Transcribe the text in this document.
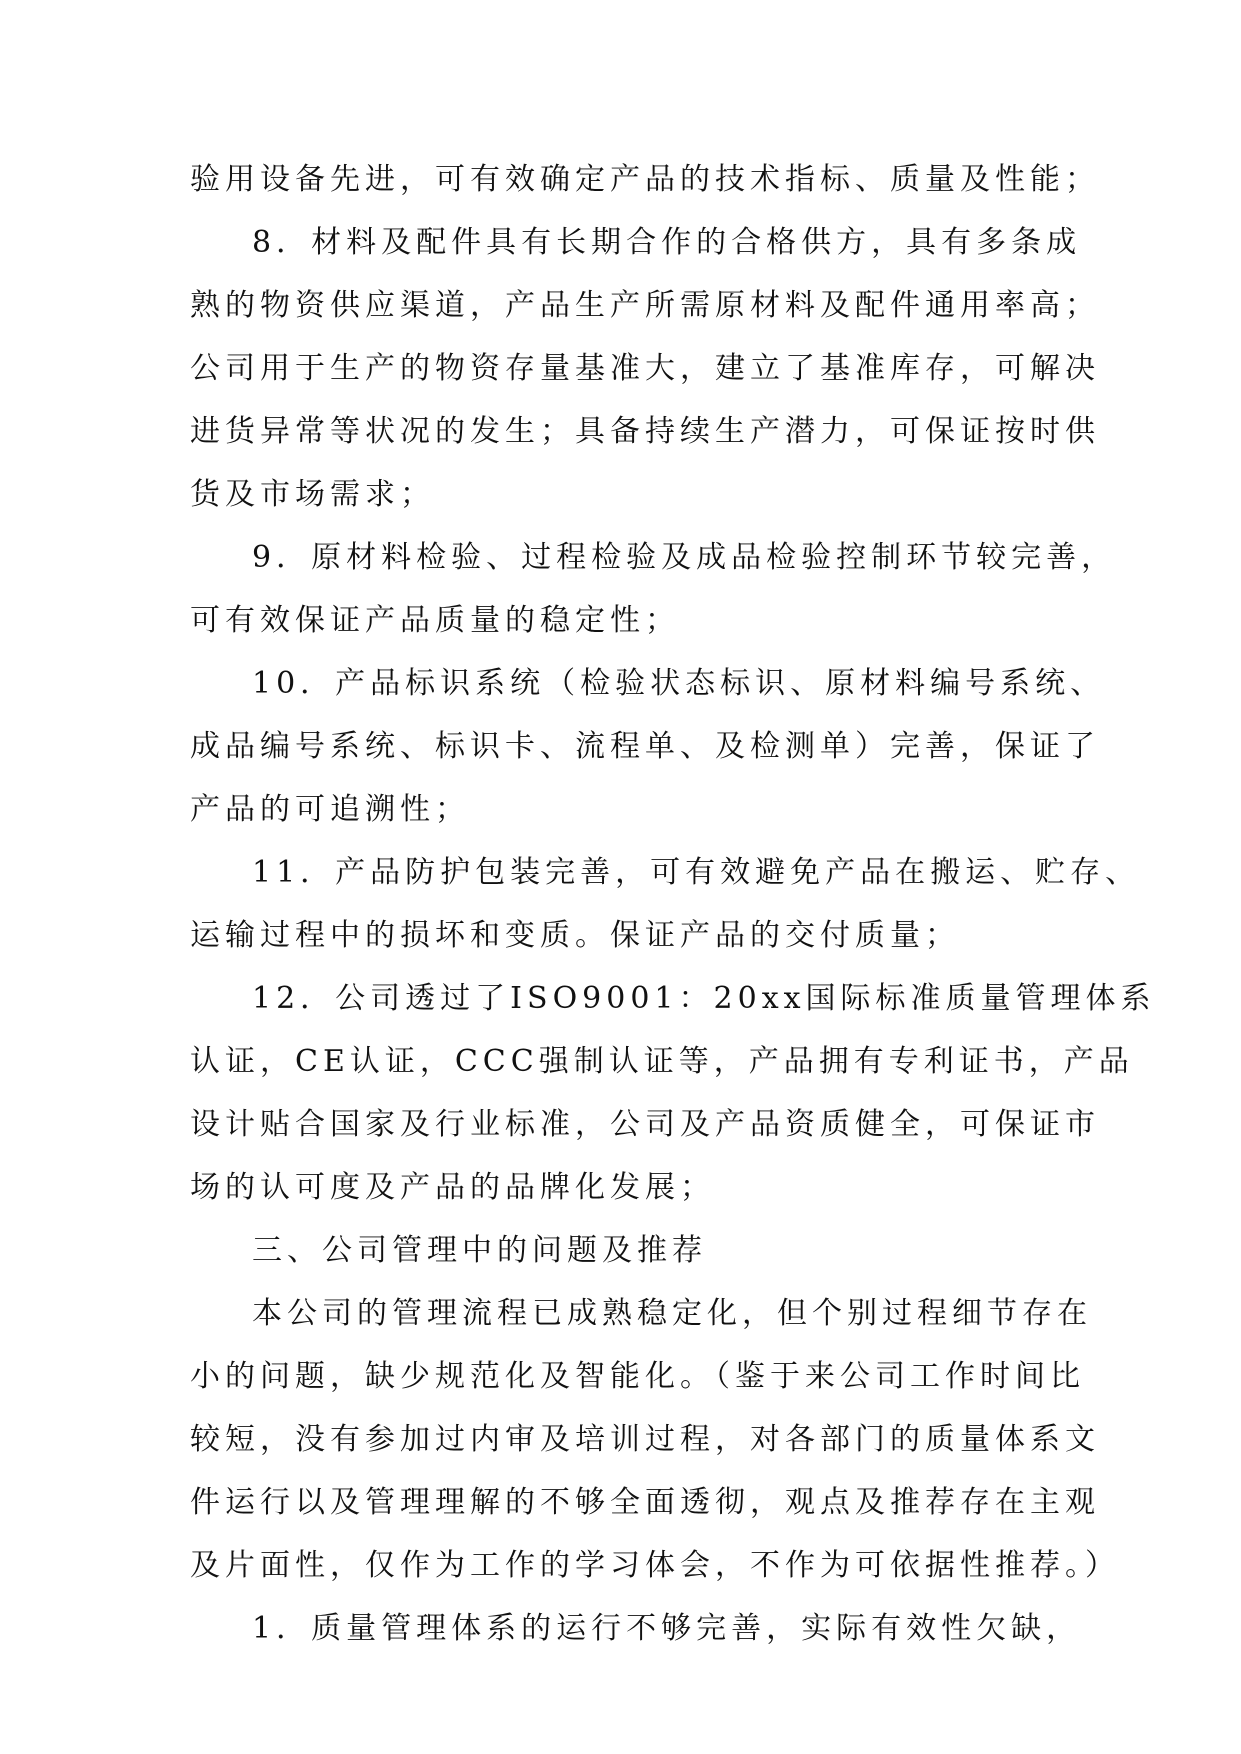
验用设备先进，可有效确定产品的技术指标、质量及性能；
8．材料及配件具有长期合作的合格供方，具有多条成
熟的物资供应渠道，产品生产所需原材料及配件通用率高；
公司用于生产的物资存量基准大，建立了基准库存，可解决
进货异常等状况的发生；具备持续生产潜力，可保证按时供
货及市场需求；
9．原材料检验、过程检验及成品检验控制环节较完善，
可有效保证产品质量的稳定性；
10．产品标识系统（检验状态标识、原材料编号系统、
成品编号系统、标识卡、流程单、及检测单）完善，保证了
产品的可追溯性；
11．产品防护包装完善，可有效避免产品在搬运、贮存、
运输过程中的损坏和变质。保证产品的交付质量；
12．公司透过了ISO9001：20xx国际标准质量管理体系
认证，CE认证，CCC强制认证等，产品拥有专利证书，产品
设计贴合国家及行业标准，公司及产品资质健全，可保证市
场的认可度及产品的品牌化发展；
三、公司管理中的问题及推荐
本公司的管理流程已成熟稳定化，但个别过程细节存在
小的问题，缺少规范化及智能化。（鉴于来公司工作时间比
较短，没有参加过内审及培训过程，对各部门的质量体系文
件运行以及管理理解的不够全面透彻，观点及推荐存在主观
及片面性，仅作为工作的学习体会，不作为可依据性推荐。）
1．质量管理体系的运行不够完善，实际有效性欠缺，
